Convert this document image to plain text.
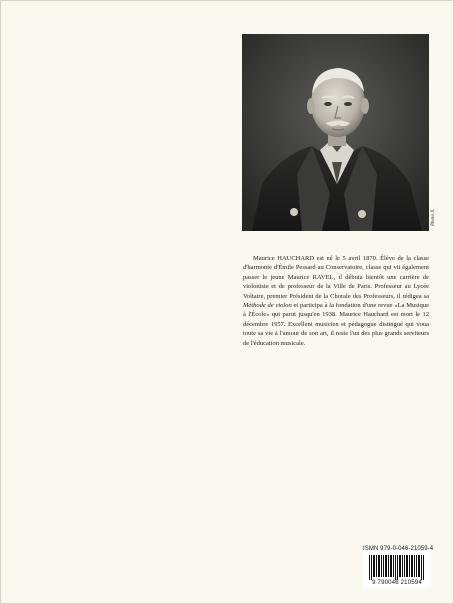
Photo X.

Maurice HAUCHARD est né le 5 avril 1870. Élève de la classe d'harmonie d'Émile Pessard au Conservatoire, classe qui vit également passer le jeune Maurice RAVEL, il débuta bientôt une carrière de violoniste et de professeur de la Ville de Paris. Professeur au Lycée Voltaire, premier Président de la Chorale des Professeurs, il rédigea sa Méthode de violon et participa à la fondation d'une revue «La Musique à l'École» qui parut jusqu'en 1938. Maurice Hauchard est mort le 12 décembre 1957. Excellent musicien et pédagogue distingué qui voua toute sa vie à l'amour de son art, il reste l'un des plus grands serviteurs de l'éducation musicale.

ISMN 979-0-046-21059-4
9 790046 210594
